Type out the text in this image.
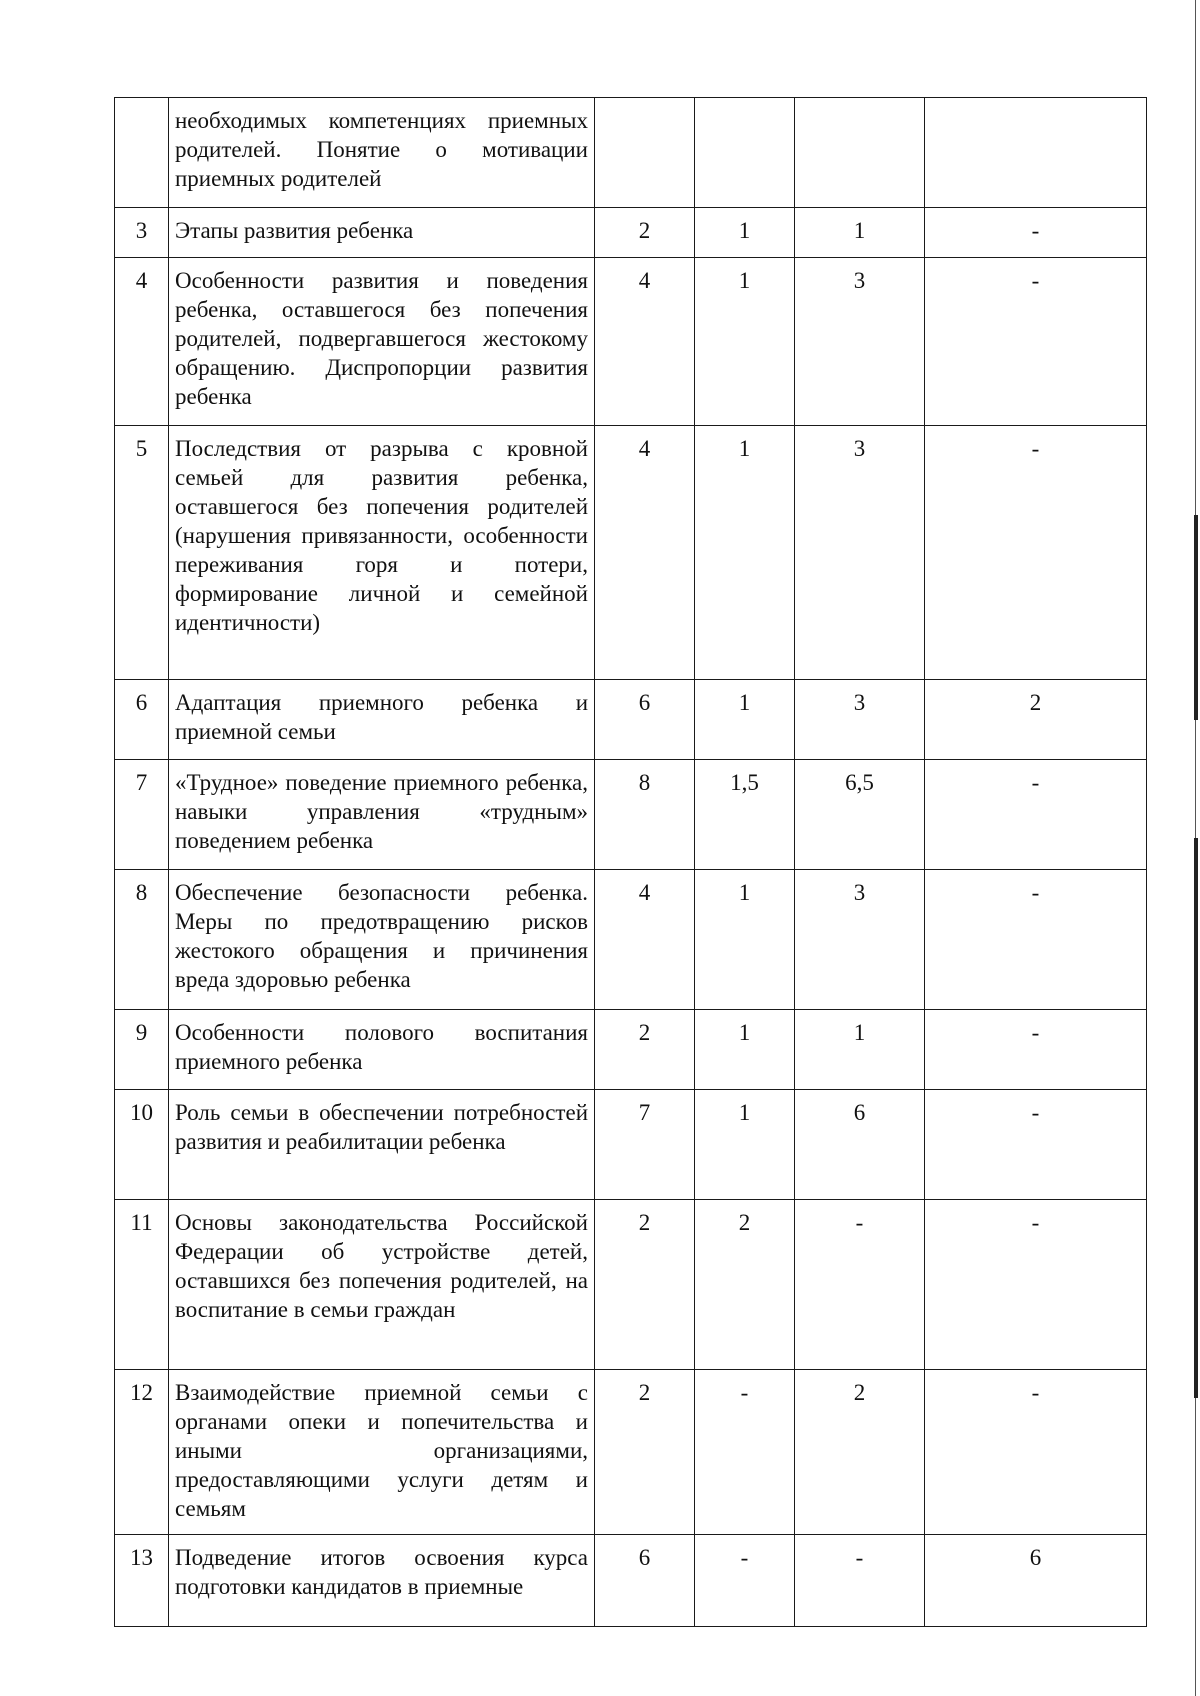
	необходимых компетенциях приемных родителей. Понятие о мотивации приемных родителей				
3	Этапы развития ребенка	2	1	1	-
4	Особенности развития и поведения ребенка, оставшегося без попечения родителей, подвергавшегося жестокому обращению. Диспропорции развития ребенка	4	1	3	-
5	Последствия от разрыва с кровной семьей для развития ребенка, оставшегося без попечения родителей (нарушения привязанности, особенности переживания горя и потери, формирование личной и семейной идентичности)	4	1	3	-
6	Адаптация приемного ребенка и приемной семьи	6	1	3	2
7	«Трудное» поведение приемного ребенка, навыки управления «трудным» поведением ребенка	8	1,5	6,5	-
8	Обеспечение безопасности ребенка. Меры по предотвращению рисков жестокого обращения и причинения вреда здоровью ребенка	4	1	3	-
9	Особенности полового воспитания приемного ребенка	2	1	1	-
10	Роль семьи в обеспечении потребностей развития и реабилитации ребенка	7	1	6	-
11	Основы законодательства Российской Федерации об устройстве детей, оставшихся без попечения родителей, на воспитание в семьи граждан	2	2	-	-
12	Взаимодействие приемной семьи с органами опеки и попечительства и иными организациями, предоставляющими услуги детям и семьям	2	-	2	-
13	Подведение итогов освоения курса подготовки кандидатов в приемные	6	-	-	6
